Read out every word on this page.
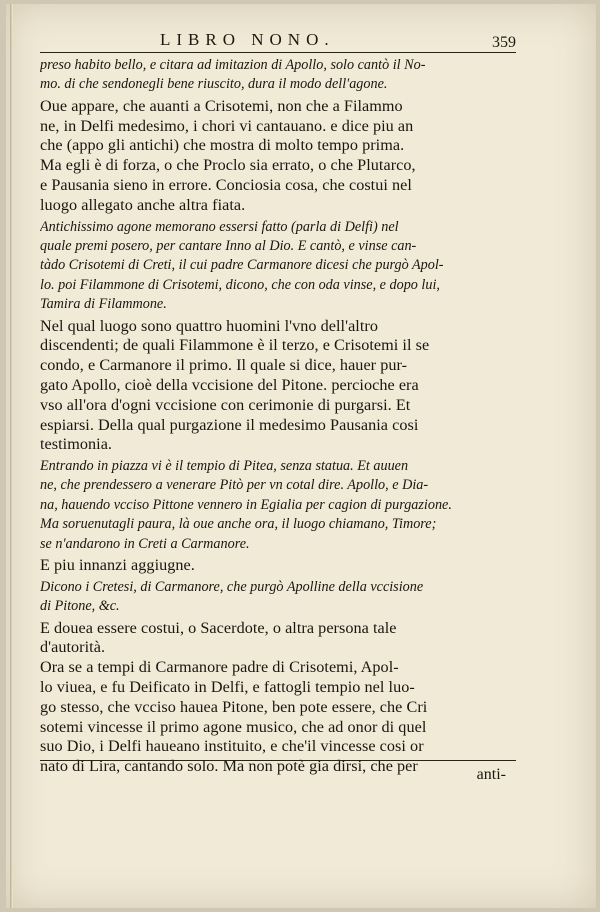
LIBRO NONO.	359
preso habito bello, e citara ad imitazion di Apollo, solo cantò il No-
mo. di che sendonegli bene riuscito, dura il modo dell'agone.
Oue appare, che auanti a Crisotemi, non che a Filammo
ne, in Delfi medesimo, i chori vi cantauano. e dice piu an
che (appo gli antichi) che mostra di molto tempo prima.
Ma egli è di forza, o che Proclo sia errato, o che Plutarco,
e Pausania sieno in errore. Conciosia cosa, che costui nel
luogo allegato anche altra fiata.
Antichissimo agone memorano essersi fatto (parla di Delfi) nel
quale premi posero, per cantare Inno al Dio. E cantò, e vinse can-
tàdo Crisotemi di Creti, il cui padre Carmanore dicesi che purgò Apol-
lo. poi Filammone di Crisotemi, dicono, che con oda vinse, e dopo lui,
Tamira di Filammone.
Nel qual luogo sono quattro huomini l'vno dell'altro
discendenti; de quali Filammone è il terzo, e Crisotemi il se
condo, e Carmanore il primo. Il quale si dice, hauer pur-
gato Apollo, cioè della vccisione del Pitone. percioche era
vso all'ora d'ogni vccisione con cerimonie di purgarsi. Et
espiarsi. Della qual purgazione il medesimo Pausania cosi
testimonia.
Entrando in piazza vi è il tempio di Pitea, senza statua. Et auuen
ne, che prendessero a venerare Pitò per vn cotal dire. Apollo, e Dia-
na, hauendo vcciso Pittone vennero in Egialia per cagion di purgazione.
Ma soruenutagli paura, là oue anche ora, il luogo chiamano, Timore;
se n'andarono in Creti a Carmanore.
E piu innanzi aggiugne.
Dicono i Cretesi, di Carmanore, che purgò Apolline della vccisione
di Pitone, &c.
E douea essere costui, o Sacerdote, o altra persona tale
d'autorità.
Ora se a tempi di Carmanore padre di Crisotemi, Apol-
lo viuea, e fu Deificato in Delfi, e fattogli tempio nel luo-
go stesso, che vcciso hauea Pitone, ben pote essere, che Cri
sotemi vincesse il primo agone musico, che ad onor di quel
suo Dio, i Delfi haueano instituito, e che'il vincesse cosi or
nato di Lira, cantando solo. Ma non potè gia dirsi, che per	anti-
